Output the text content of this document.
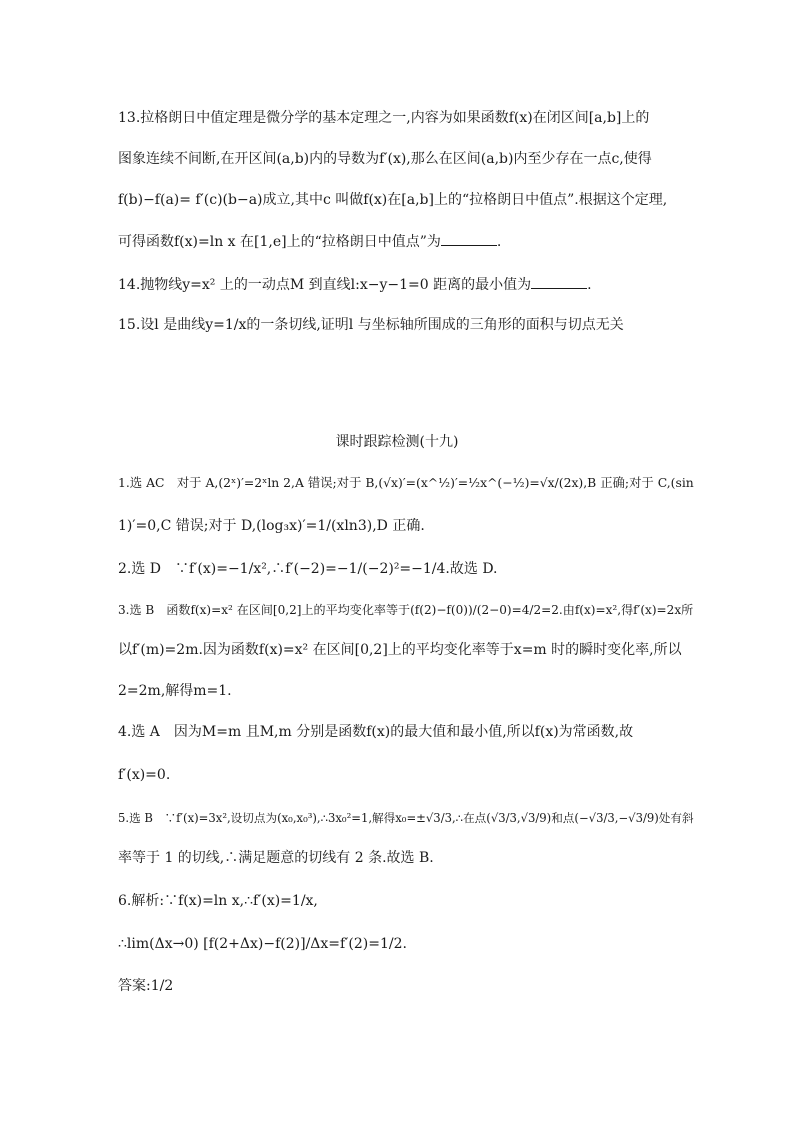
13.拉格朗日中值定理是微分学的基本定理之一,内容为如果函数f(x)在闭区间[a,b]上的
图象连续不间断,在开区间(a,b)内的导数为f′(x),那么在区间(a,b)内至少存在一点c,使得
f(b)−f(a)= f′(c)(b−a)成立,其中c 叫做f(x)在[a,b]上的“拉格朗日中值点”.根据这个定理,
可得函数f(x)=ln x 在[1,e]上的“拉格朗日中值点”为	.
14.抛物线y=x² 上的一动点M 到直线l:x−y−1=0 距离的最小值为	.
15.设l 是曲线y=1/x的一条切线,证明l 与坐标轴所围成的三角形的面积与切点无关
课时跟踪检测(十九)
1.选 AC　对于 A,(2ˣ)′=2ˣln 2,A 错误;对于 B,(√x)′=(x^½)′=½x^(−½)=√x/(2x),B 正确;对于 C,(sin
1)′=0,C 错误;对于 D,(log₃x)′=1/(xln3),D 正确.
2.选 D　∵f′(x)=−1/x²,∴f′(−2)=−1/(−2)²=−1/4.故选 D.
3.选 B　函数f(x)=x² 在区间[0,2]上的平均变化率等于(f(2)−f(0))/(2−0)=4/2=2.由f(x)=x²,得f′(x)=2x所
以f′(m)=2m.因为函数f(x)=x² 在区间[0,2]上的平均变化率等于x=m 时的瞬时变化率,所以
2=2m,解得m=1.
4.选 A　因为M=m 且M,m 分别是函数f(x)的最大值和最小值,所以f(x)为常函数,故
f′(x)=0.
5.选 B　∵f′(x)=3x²,设切点为(x₀,x₀³),∴3x₀²=1,解得x₀=±√3/3,∴在点(√3/3,√3/9)和点(−√3/3,−√3/9)处有斜
率等于 1 的切线,∴满足题意的切线有 2 条.故选 B.
6.解析:∵f(x)=ln x,∴f′(x)=1/x,
∴lim(Δx→0) [f(2+Δx)−f(2)]/Δx=f′(2)=1/2.
答案:1/2
